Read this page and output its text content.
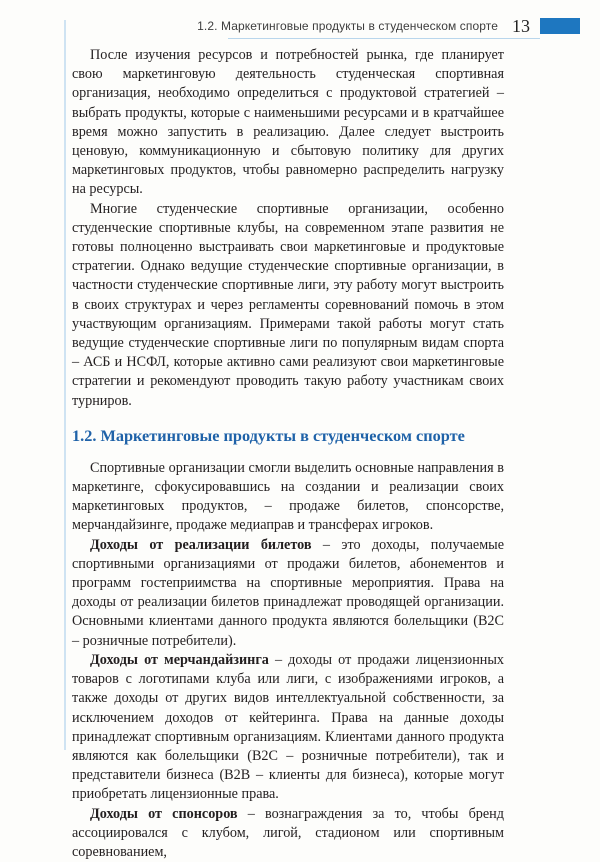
1.2. Маркетинговые продукты в студенческом спорте 13

После изучения ресурсов и потребностей рынка, где планирует свою маркетинговую деятельность студенческая спортивная организация, необходимо определиться с продуктовой стратегией – выбрать продукты, которые с наименьшими ресурсами и в кратчайшее время можно запустить в реализацию. Далее следует выстроить ценовую, коммуникационную и сбытовую политику для других маркетинговых продуктов, чтобы равномерно распределить нагрузку на ресурсы.

Многие студенческие спортивные организации, особенно студенческие спортивные клубы, на современном этапе развития не готовы полноценно выстраивать свои маркетинговые и продуктовые стратегии. Однако ведущие студенческие спортивные организации, в частности студенческие спортивные лиги, эту работу могут выстроить в своих структурах и через регламенты соревнований помочь в этом участвующим организациям. Примерами такой работы могут стать ведущие студенческие спортивные лиги по популярным видам спорта – АСБ и НСФЛ, которые активно сами реализуют свои маркетинговые стратегии и рекомендуют проводить такую работу участникам своих турниров.

1.2. Маркетинговые продукты в студенческом спорте

Спортивные организации смогли выделить основные направления в маркетинге, сфокусировавшись на создании и реализации своих маркетинговых продуктов, – продаже билетов, спонсорстве, мерчандайзинге, продаже медиаправ и трансферах игроков.

Доходы от реализации билетов – это доходы, получаемые спортивными организациями от продажи билетов, абонементов и программ гостеприимства на спортивные мероприятия. Права на доходы от реализации билетов принадлежат проводящей организации. Основными клиентами данного продукта являются болельщики (B2C – розничные потребители).

Доходы от мерчандайзинга – доходы от продажи лицензионных товаров с логотипами клуба или лиги, с изображениями игроков, а также доходы от других видов интеллектуальной собственности, за исключением доходов от кейтеринга. Права на данные доходы принадлежат спортивным организациям. Клиентами данного продукта являются как болельщики (B2C – розничные потребители), так и представители бизнеса (B2B – клиенты для бизнеса), которые могут приобретать лицензионные права.

Доходы от спонсоров – вознаграждения за то, чтобы бренд ассоциировался с клубом, лигой, стадионом или спортивным соревнованием,
